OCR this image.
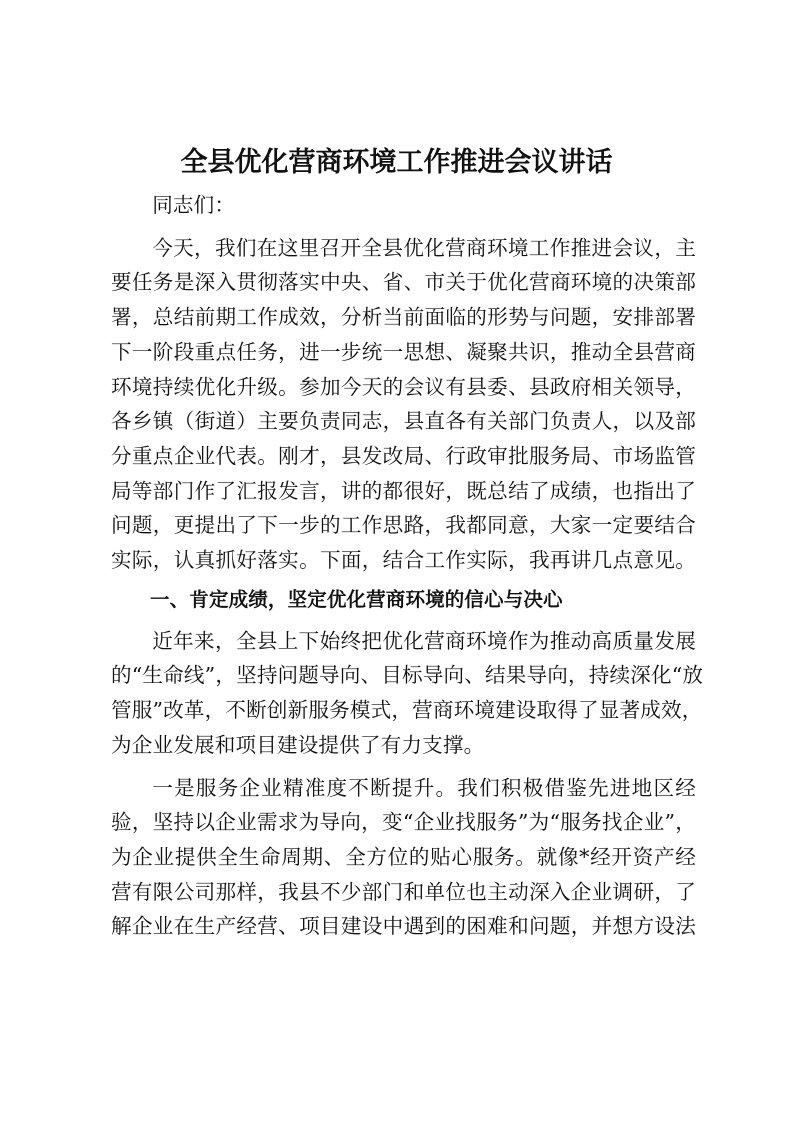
全县优化营商环境工作推进会议讲话

同志们：

今天，我们在这里召开全县优化营商环境工作推进会议，主
要任务是深入贯彻落实中央、省、市关于优化营商环境的决策部
署，总结前期工作成效，分析当前面临的形势与问题，安排部署
下一阶段重点任务，进一步统一思想、凝聚共识，推动全县营商
环境持续优化升级。参加今天的会议有县委、县政府相关领导，
各乡镇（街道）主要负责同志，县直各有关部门负责人，以及部
分重点企业代表。刚才，县发改局、行政审批服务局、市场监管
局等部门作了汇报发言，讲的都很好，既总结了成绩，也指出了
问题，更提出了下一步的工作思路，我都同意，大家一定要结合
实际，认真抓好落实。下面，结合工作实际，我再讲几点意见。

一、肯定成绩，坚定优化营商环境的信心与决心

近年来，全县上下始终把优化营商环境作为推动高质量发展
的“生命线”，坚持问题导向、目标导向、结果导向，持续深化“放
管服”改革，不断创新服务模式，营商环境建设取得了显著成效，
为企业发展和项目建设提供了有力支撑。
一是服务企业精准度不断提升。我们积极借鉴先进地区经
验，坚持以企业需求为导向，变“企业找服务”为“服务找企业”，
为企业提供全生命周期、全方位的贴心服务。就像*经开资产经
营有限公司那样，我县不少部门和单位也主动深入企业调研，了
解企业在生产经营、项目建设中遇到的困难和问题，并想方设法
